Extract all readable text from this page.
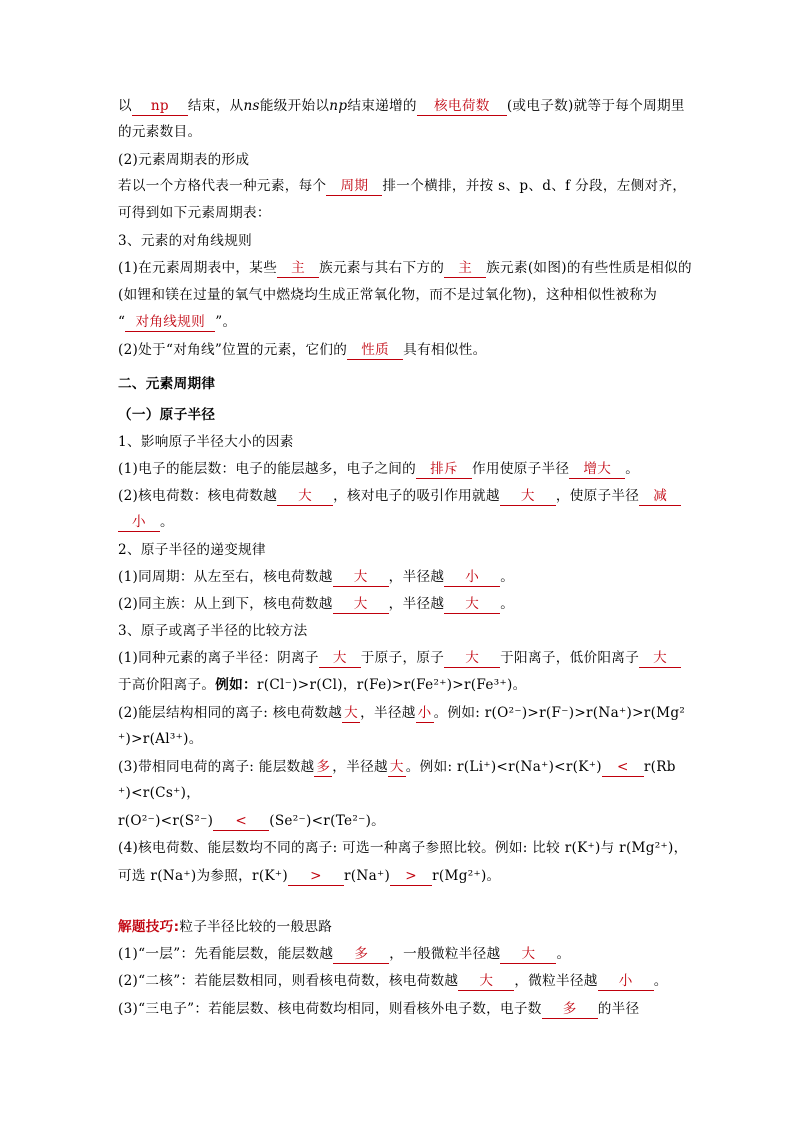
以 np 结束，从ns能级开始以np结束递增的 核电荷数 (或电子数)就等于每个周期里
的元素数目。
(2)元素周期表的形成
若以一个方格代表一种元素，每个 周期 排一个横排，并按 s、p、d、f 分段，左侧对齐，
可得到如下元素周期表：
3、元素的对角线规则
(1)在元素周期表中，某些 主 族元素与其右下方的 主 族元素(如图)的有些性质是相似的
(如锂和镁在过量的氧气中燃烧均生成正常氧化物，而不是过氧化物)，这种相似性被称为
“ 对角线规则 ”。
(2)处于“对角线”位置的元素，它们的 性质 具有相似性。
二、元素周期律
（一）原子半径
1、影响原子半径大小的因素
(1)电子的能层数：电子的能层越多，电子之间的 排斥 作用使原子半径 增大 。
(2)核电荷数：核电荷数越 大 ，核对电子的吸引作用就越 大 ，使原子半径 减
小 。
2、原子半径的递变规律
(1)同周期：从左至右，核电荷数越 大 ，半径越 小 。
(2)同主族：从上到下，核电荷数越 大 ，半径越 大 。
3、原子或离子半径的比较方法
(1)同种元素的离子半径：阴离子 大 于原子，原子 大 于阳离子，低价阳离子 大
于高价阳离子。例如：r(Cl⁻)>r(Cl)，r(Fe)>r(Fe²⁺)>r(Fe³⁺)。
(2)能层结构相同的离子: 核电荷数越 大 ，半径越 小 。例如: r(O²⁻)>r(F⁻)>r(Na⁺)>r(Mg²
⁺)>r(Al³⁺)。
(3)带相同电荷的离子: 能层数越 多 ，半径越 大 。例如: r(Li⁺)<r(Na⁺)<r(K⁺) < r(Rb
⁺)<r(Cs⁺)，
r(O²⁻)<r(S²⁻) < (Se²⁻)<r(Te²⁻)。
(4)核电荷数、能层数均不同的离子: 可选一种离子参照比较。例如: 比较 r(K⁺)与 r(Mg²⁺)，
可选 r(Na⁺)为参照，r(K⁺) > r(Na⁺) > r(Mg²⁺)。
解题技巧:粒子半径比较的一般思路
(1)“一层”：先看能层数，能层数越 多 ，一般微粒半径越 大 。
(2)“二核”：若能层数相同，则看核电荷数，核电荷数越 大 ，微粒半径越 小 。
(3)“三电子”：若能层数、核电荷数均相同，则看核外电子数，电子数 多 的半径
